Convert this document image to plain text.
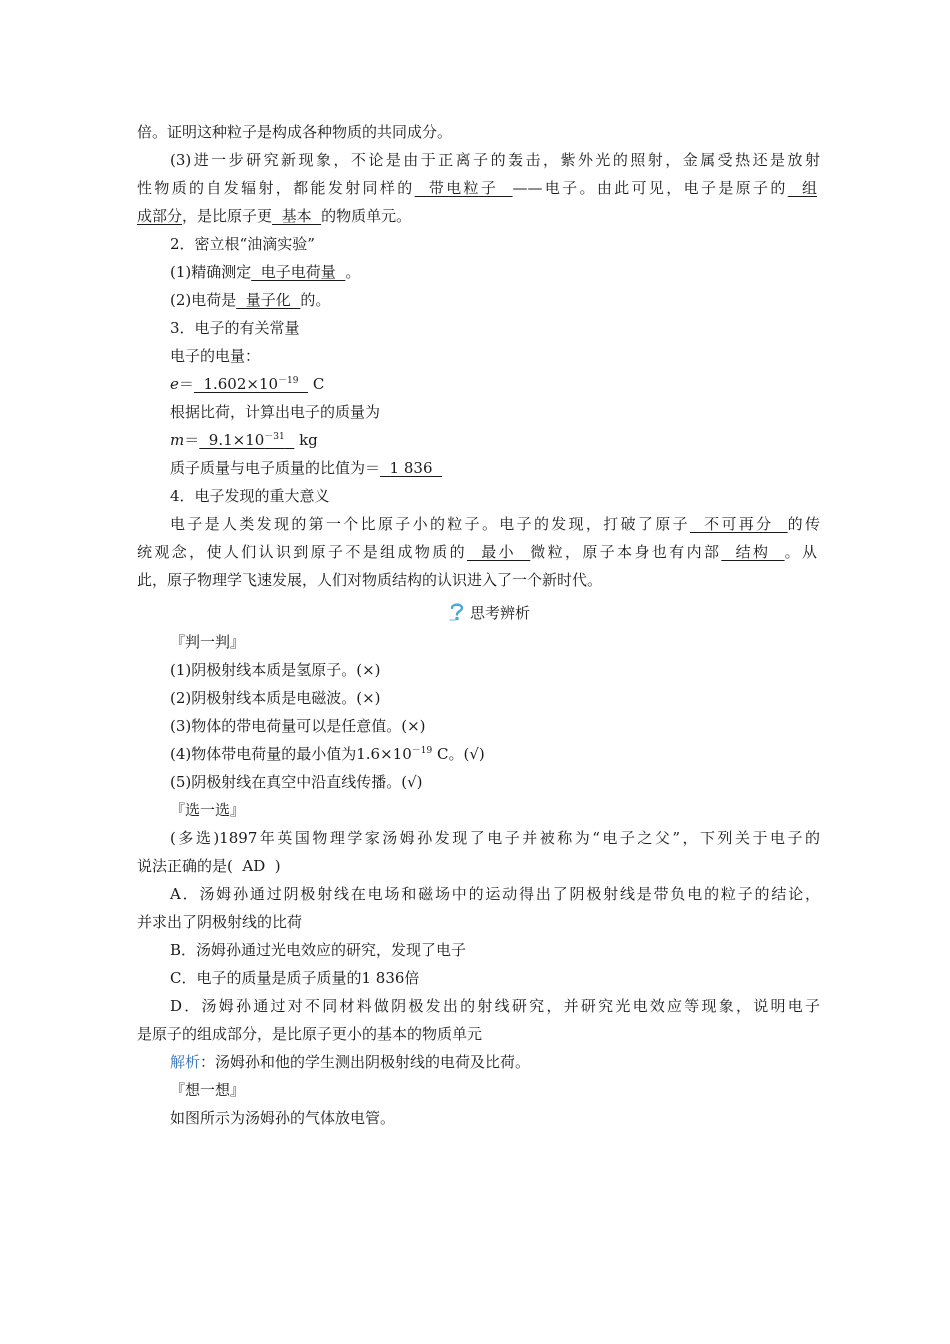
倍。证明这种粒子是构成各种物质的共同成分。
(3)进一步研究新现象，不论是由于正离子的轰击，紫外光的照射，金属受热还是放射
性物质的自发辐射，都能发射同样的  带电粒子  ——电子。由此可见，电子是原子的  组
成部分，是比原子更  基本  的物质单元。
2．密立根“油滴实验”
(1)精确测定  电子电荷量  。
(2)电荷是  量子化  的。
3．电子的有关常量
电子的电量：
$e= 1.602\times 10^{-19}$ C
根据比荷，计算出电子的质量为
$m= 9.1\times 10^{-31}$ kg
质子质量与电子质量的比值为＝  1 836
4．电子发现的重大意义
电子是人类发现的第一个比原子小的粒子。电子的发现，打破了原子  不可再分  的传
统观念，使人们认识到原子不是组成物质的  最小  微粒，原子本身也有内部  结构  。从
此，原子物理学飞速发展，人们对物质结构的认识进入了一个新时代。
思考辨析
『判一判』
(1)阴极射线本质是氢原子。(×)
(2)阴极射线本质是电磁波。(×)
(3)物体的带电荷量可以是任意值。(×)
(4)物体带电荷量的最小值为$1.6\times 10^{-19}$ C。(√)
(5)阴极射线在真空中沿直线传播。(√)
『选一选』
(多选)1897年英国物理学家汤姆孙发现了电子并被称为“电子之父”，下列关于电子的
说法正确的是(  AD  )
A．汤姆孙通过阴极射线在电场和磁场中的运动得出了阴极射线是带负电的粒子的结论，
并求出了阴极射线的比荷
B．汤姆孙通过光电效应的研究，发现了电子
C．电子的质量是质子质量的1 836倍
D．汤姆孙通过对不同材料做阴极发出的射线研究，并研究光电效应等现象，说明电子
是原子的组成部分，是比原子更小的基本的物质单元
解析：汤姆孙和他的学生测出阴极射线的电荷及比荷。
『想一想』
如图所示为汤姆孙的气体放电管。
